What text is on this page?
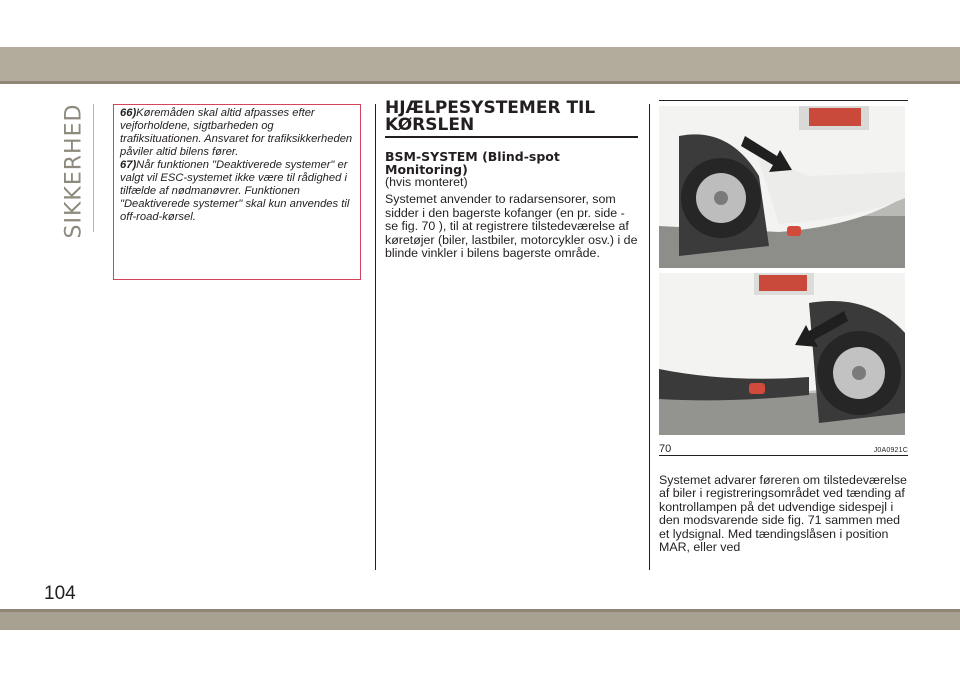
SIKKERHED	66)Køremåden skal altid afpasses efter vejforholdene, sigtbarheden og trafiksituationen. Ansvaret for trafiksikkerheden påviler altid bilens fører.

67)Når funktionen "Deaktiverede systemer" er valgt vil ESC-systemet ikke være til rådighed i tilfælde af nødmanøvrer. Funktionen "Deaktiverede systemer" skal kun anvendes til off-road-kørsel.

HJÆLPESYSTEMER TIL KØRSLEN
BSM-SYSTEM (Blind-spot Monitoring)

(hvis monteret)

Systemet anvender to radarsensorer, som sidder i den bagerste kofanger (en pr. side - se fig. 70 ), til at registrere tilstedeværelse af køretøjer (biler, lastbiler, motorcykler osv.) i de blinde vinkler i bilens bagerste område.

70	J0A0921C

Systemet advarer føreren om tilstedeværelse af biler i registreringsområdet ved tænding af kontrollampen på det udvendige sidespejl i den modsvarende side fig. 71 sammen med et lydsignal. Med tændingslåsen i position MAR, eller ved

104
